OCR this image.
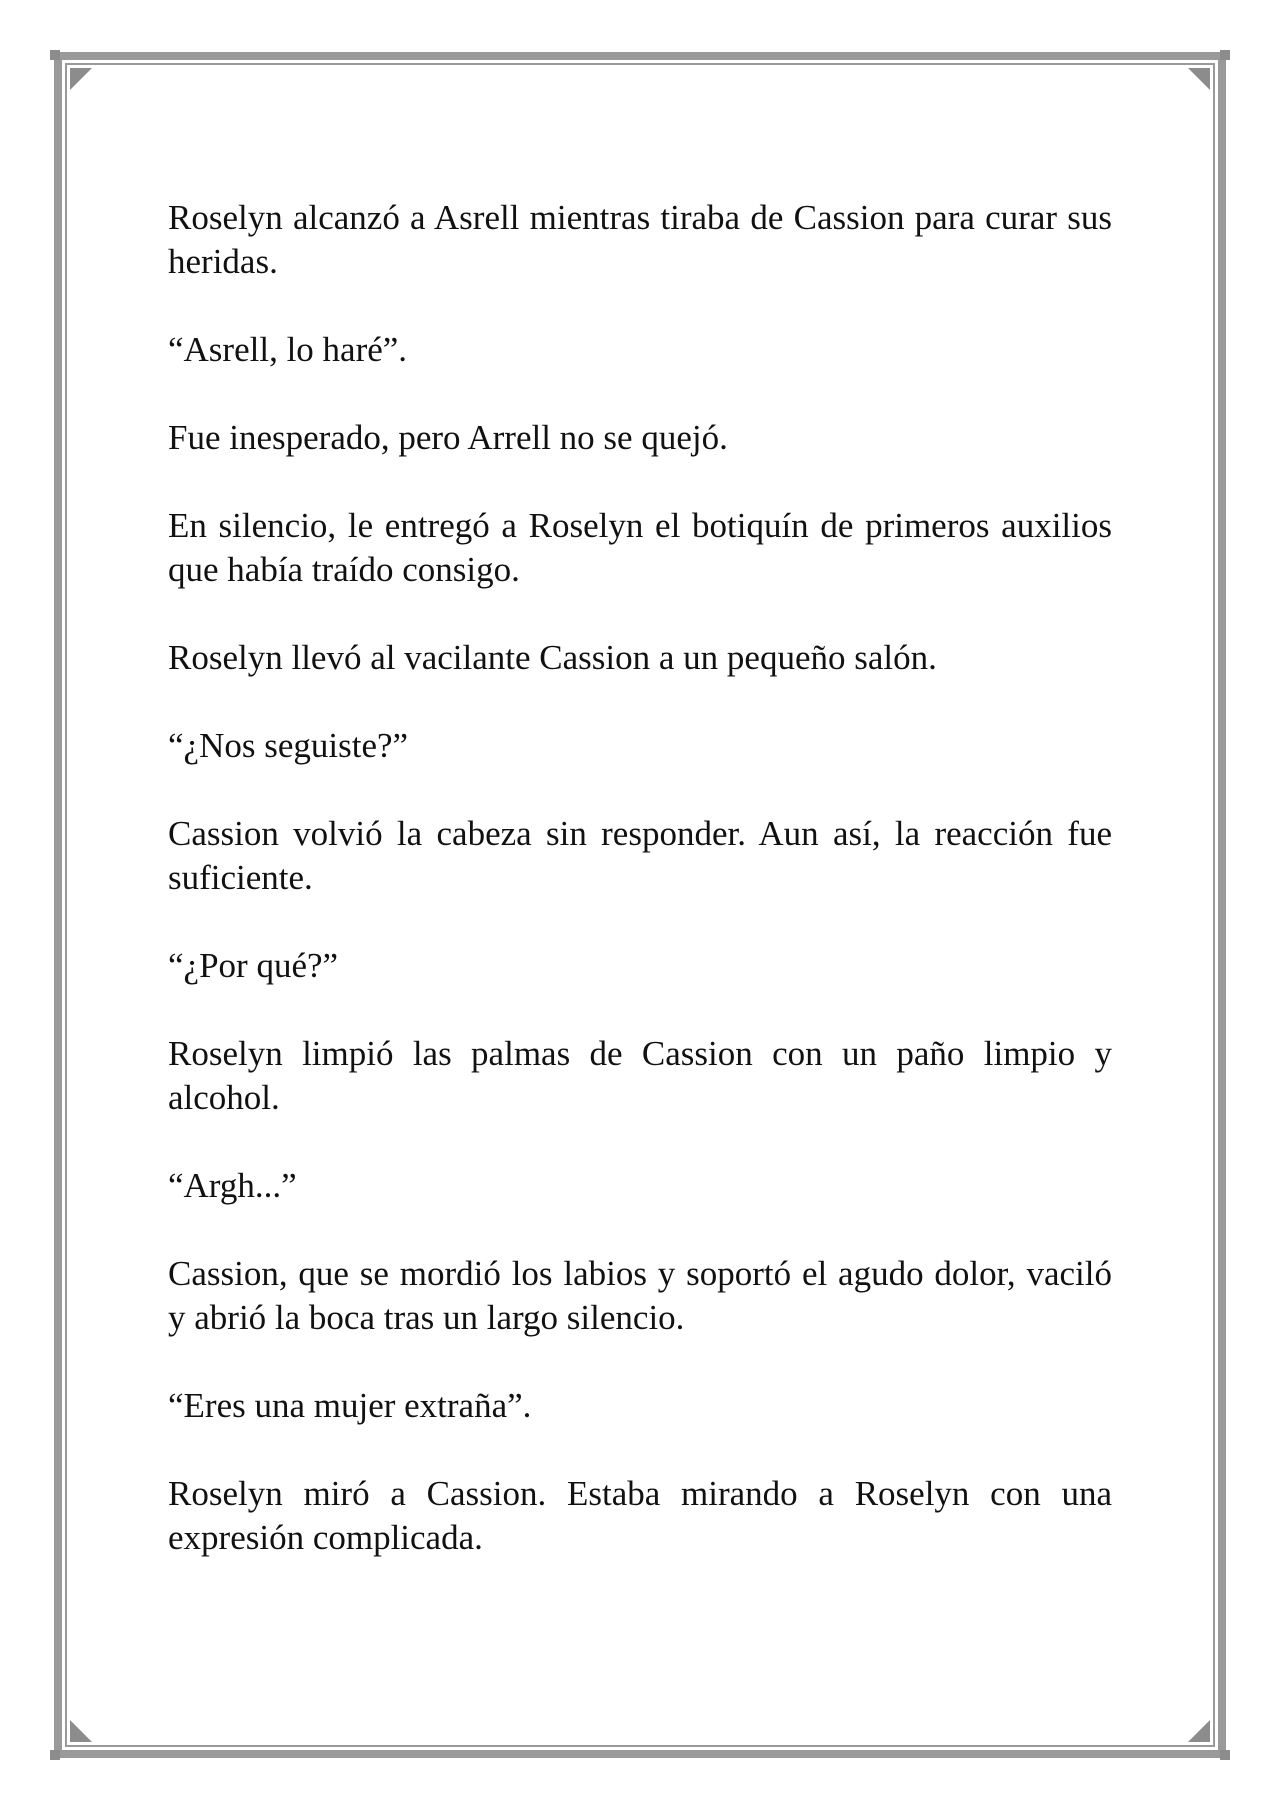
Roselyn alcanzó a Asrell mientras tiraba de Cassion para curar sus heridas.

“Asrell, lo haré”.

Fue inesperado, pero Arrell no se quejó.

En silencio, le entregó a Roselyn el botiquín de primeros auxilios que había traído consigo.

Roselyn llevó al vacilante Cassion a un pequeño salón.

“¿Nos seguiste?”

Cassion volvió la cabeza sin responder. Aun así, la reacción fue suficiente.

“¿Por qué?”

Roselyn limpió las palmas de Cassion con un paño limpio y alcohol.

“Argh...”

Cassion, que se mordió los labios y soportó el agudo dolor, vaciló y abrió la boca tras un largo silencio.

“Eres una mujer extraña”.

Roselyn miró a Cassion. Estaba mirando a Roselyn con una expresión complicada.
